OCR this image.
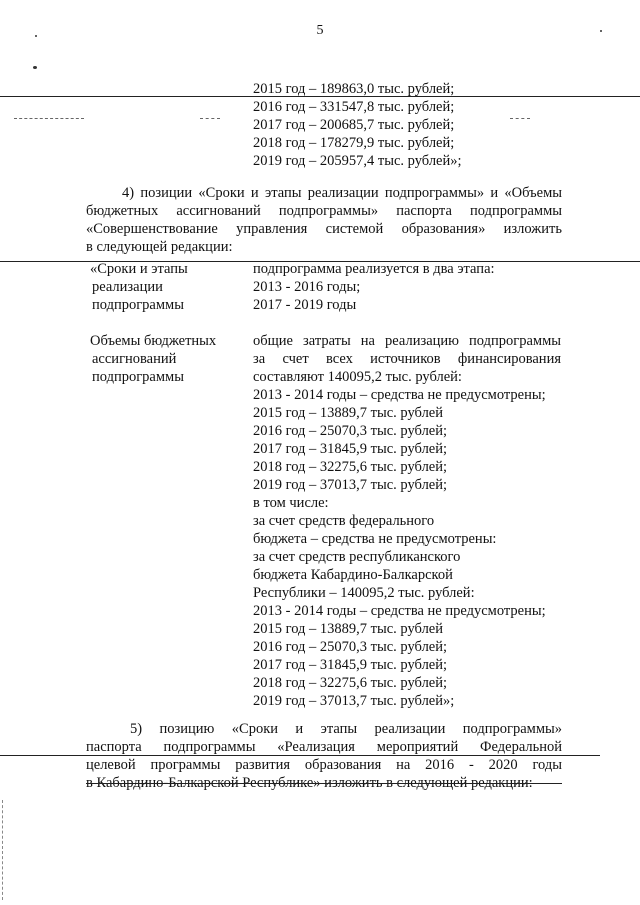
5
2015 год – 189863,0 тыс. рублей;
2016 год – 331547,8 тыс. рублей;
2017 год – 200685,7 тыс. рублей;
2018 год – 178279,9 тыс. рублей;
2019 год – 205957,4 тыс. рублей»;
4) позиции «Сроки и этапы реализации подпрограммы» и «Объемы
бюджетных ассигнований подпрограммы» паспорта подпрограммы
«Совершенствование управления системой образования» изложить
в следующей редакции:
«Сроки и этапы
реализации
подпрограммы
подпрограмма реализуется в два этапа:
2013 - 2016 годы;
2017 - 2019 годы
Объемы бюджетных
ассигнований
подпрограммы
общие затраты на реализацию подпрограммы
за счет всех источников финансирования
составляют 140095,2 тыс. рублей:
2013 - 2014 годы – средства не предусмотрены;
2015 год – 13889,7 тыс. рублей
2016 год – 25070,3 тыс. рублей;
2017 год – 31845,9 тыс. рублей;
2018 год – 32275,6 тыс. рублей;
2019 год – 37013,7 тыс. рублей;
в том числе:
за счет средств федерального
бюджета – средства не предусмотрены:
за счет средств республиканского
бюджета Кабардино-Балкарской
Республики – 140095,2 тыс. рублей:
2013 - 2014 годы – средства не предусмотрены;
2015 год – 13889,7 тыс. рублей
2016 год – 25070,3 тыс. рублей;
2017 год – 31845,9 тыс. рублей;
2018 год – 32275,6 тыс. рублей;
2019 год – 37013,7 тыс. рублей»;
5) позицию «Сроки и этапы реализации подпрограммы»
паспорта подпрограммы «Реализация мероприятий Федеральной
целевой программы развития образования на 2016 - 2020 годы
в Кабардино-Балкарской Республике» изложить в следующей редакции:
